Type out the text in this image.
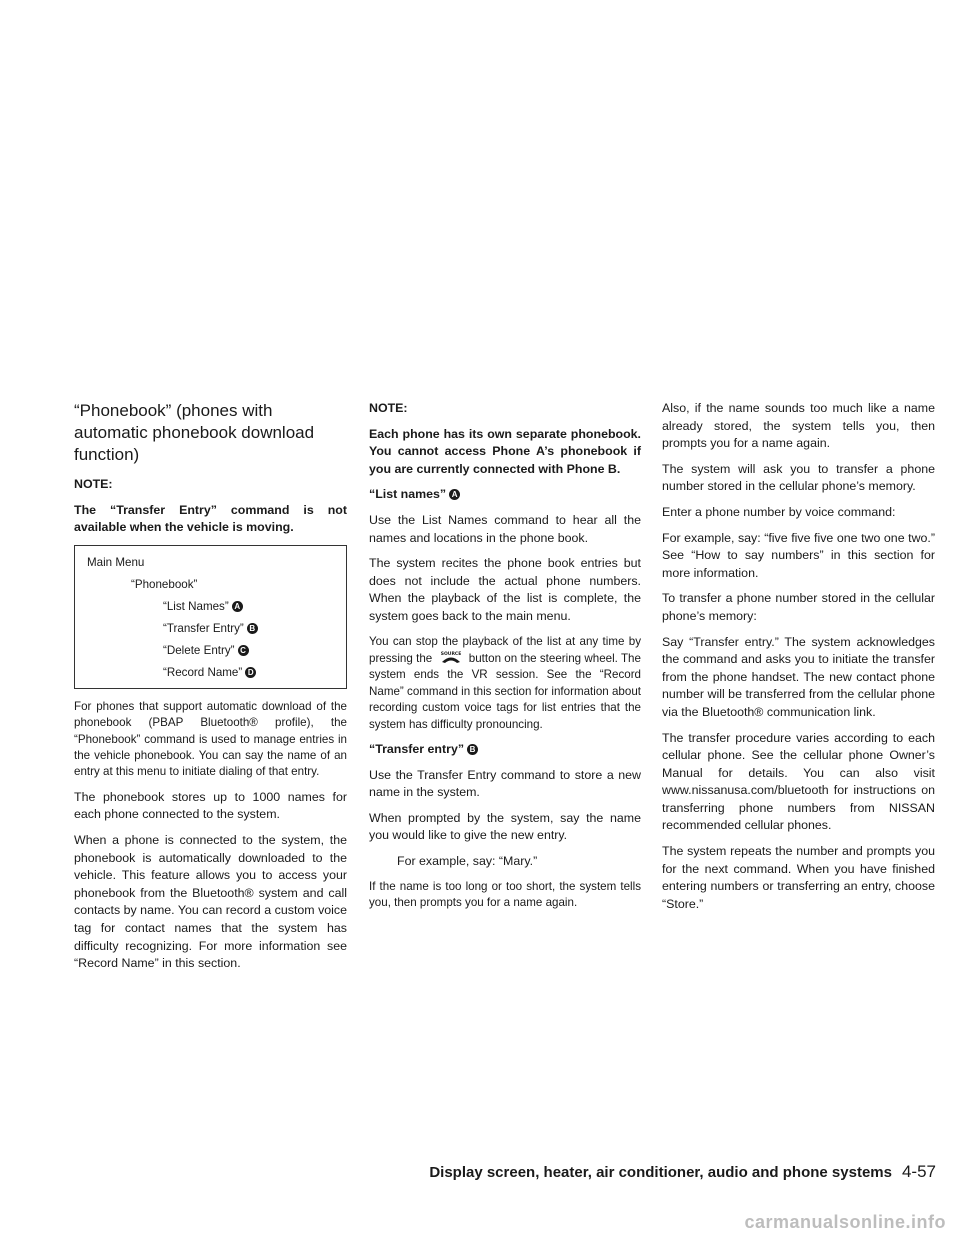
“Phonebook” (phones with automatic phonebook download function)
NOTE:

The “Transfer Entry” command is not available when the vehicle is moving.

Main Menu
“Phonebook”
“List Names” A
“Transfer Entry” B
“Delete Entry” C
“Record Name” D

For phones that support automatic download of the phonebook (PBAP Bluetooth® profile), the “Phonebook” command is used to manage entries in the vehicle phonebook. You can say the name of an entry at this menu to initiate dialing of that entry.

The phonebook stores up to 1000 names for each phone connected to the system.

When a phone is connected to the system, the phonebook is automatically downloaded to the vehicle. This feature allows you to access your phonebook from the Bluetooth® system and call contacts by name. You can record a custom voice tag for contact names that the system has difficulty recognizing. For more information see “Record Name” in this section.

NOTE:

Each phone has its own separate phonebook. You cannot access Phone A’s phonebook if you are currently connected with Phone B.

“List names” A

Use the List Names command to hear all the names and locations in the phone book.

The system recites the phone book entries but does not include the actual phone numbers. When the playback of the list is complete, the system goes back to the main menu.

You can stop the playback of the list at any time by pressing the SOURCE button on the steering wheel. The system ends the VR session. See the “Record Name” command in this section for information about recording custom voice tags for list entries that the system has difficulty pronouncing.

“Transfer entry” B

Use the Transfer Entry command to store a new name in the system.

When prompted by the system, say the name you would like to give the new entry.

For example, say: “Mary.”

If the name is too long or too short, the system tells you, then prompts you for a name again.

Also, if the name sounds too much like a name already stored, the system tells you, then prompts you for a name again.

The system will ask you to transfer a phone number stored in the cellular phone’s memory.

Enter a phone number by voice command:

For example, say: “five five five one two one two.” See “How to say numbers” in this section for more information.

To transfer a phone number stored in the cellular phone’s memory:

Say “Transfer entry.” The system acknowledges the command and asks you to initiate the transfer from the phone handset. The new contact phone number will be transferred from the cellular phone via the Bluetooth® communication link.

The transfer procedure varies according to each cellular phone. See the cellular phone Owner’s Manual for details. You can also visit www.nissanusa.com/bluetooth for instructions on transferring phone numbers from NISSAN recommended cellular phones.

The system repeats the number and prompts you for the next command. When you have finished entering numbers or transferring an entry, choose “Store.”

Display screen, heater, air conditioner, audio and phone systems 4-57
carmanualsonline.info
